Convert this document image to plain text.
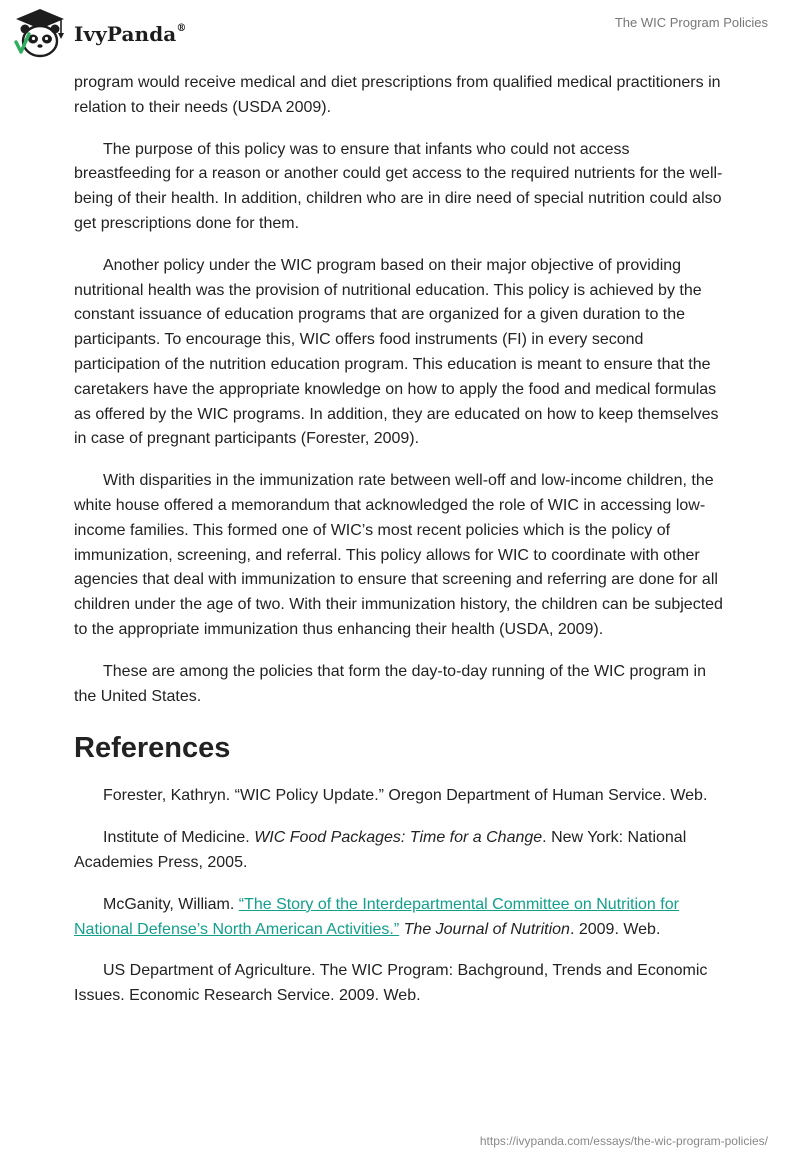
IvyPanda®	The WIC Program Policies

program would receive medical and diet prescriptions from qualified medical practitioners in relation to their needs (USDA 2009).

The purpose of this policy was to ensure that infants who could not access breastfeeding for a reason or another could get access to the required nutrients for the well-being of their health. In addition, children who are in dire need of special nutrition could also get prescriptions done for them.

Another policy under the WIC program based on their major objective of providing nutritional health was the provision of nutritional education. This policy is achieved by the constant issuance of education programs that are organized for a given duration to the participants. To encourage this, WIC offers food instruments (FI) in every second participation of the nutrition education program. This education is meant to ensure that the caretakers have the appropriate knowledge on how to apply the food and medical formulas as offered by the WIC programs. In addition, they are educated on how to keep themselves in case of pregnant participants (Forester, 2009).

With disparities in the immunization rate between well-off and low-income children, the white house offered a memorandum that acknowledged the role of WIC in accessing low-income families. This formed one of WIC’s most recent policies which is the policy of immunization, screening, and referral. This policy allows for WIC to coordinate with other agencies that deal with immunization to ensure that screening and referring are done for all children under the age of two. With their immunization history, the children can be subjected to the appropriate immunization thus enhancing their health (USDA, 2009).

These are among the policies that form the day-to-day running of the WIC program in the United States.

References

Forester, Kathryn. “WIC Policy Update.” Oregon Department of Human Service. Web.

Institute of Medicine. WIC Food Packages: Time for a Change. New York: National Academies Press, 2005.

McGanity, William. “The Story of the Interdepartmental Committee on Nutrition for National Defense’s North American Activities.” The Journal of Nutrition. 2009. Web.

US Department of Agriculture. The WIC Program: Bachground, Trends and Economic Issues. Economic Research Service. 2009. Web.

https://ivypanda.com/essays/the-wic-program-policies/
